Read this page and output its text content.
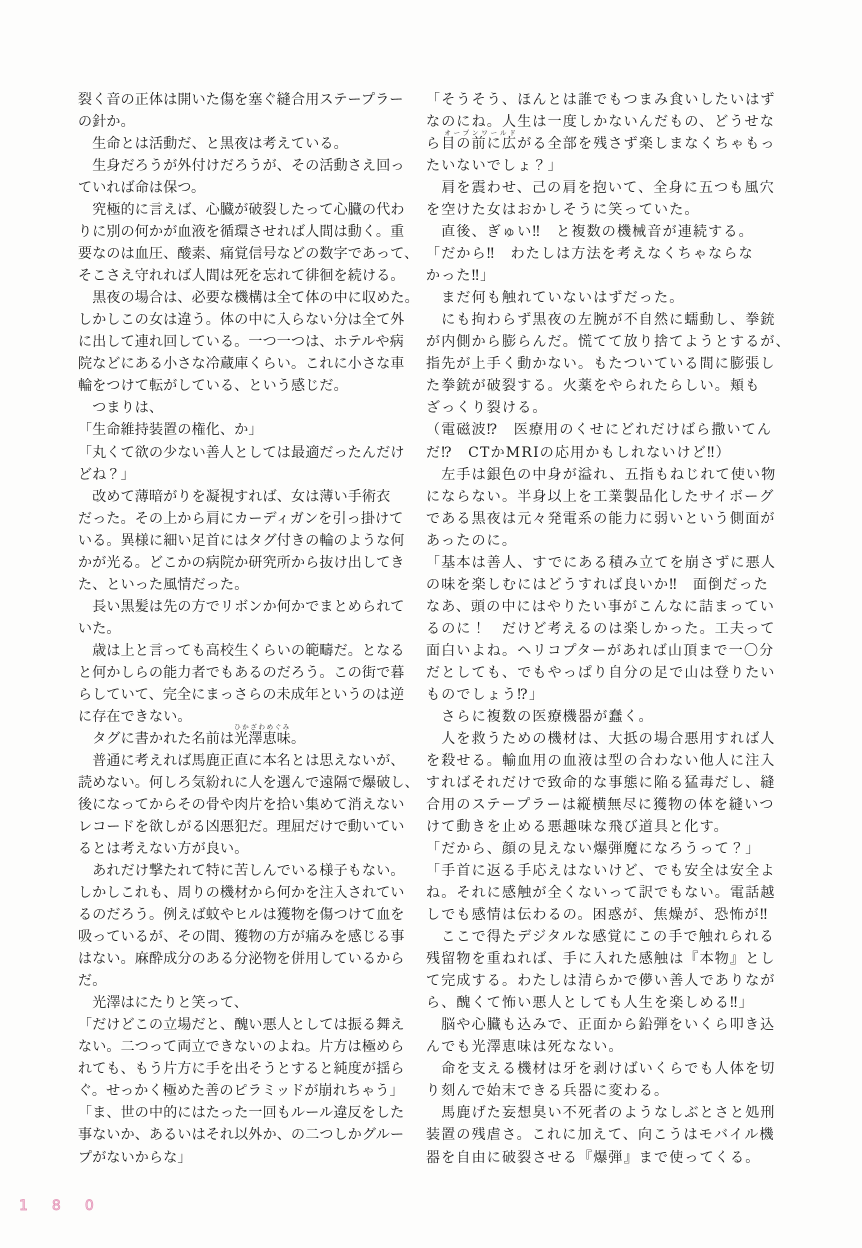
裂く音の正体は開いた傷を塞ぐ縫合用ステープラー
の針か。
　生命とは活動だ、と黒夜は考えている。
　生身だろうが外付けだろうが、その活動さえ回っ
ていれば命は保つ。
　究極的に言えば、心臓が破裂したって心臓の代わ
りに別の何かが血液を循環させれば人間は動く。重
要なのは血圧、酸素、痛覚信号などの数字であって、
そこさえ守れれば人間は死を忘れて徘徊を続ける。
　黒夜の場合は、必要な機構は全て体の中に収めた。
しかしこの女は違う。体の中に入らない分は全て外
に出して連れ回している。一つ一つは、ホテルや病
院などにある小さな冷蔵庫くらい。これに小さな車
輪をつけて転がしている、という感じだ。
　つまりは、
「生命維持装置の権化、か」
「丸くて欲の少ない善人としては最適だったんだけ
どね？」
　改めて薄暗がりを凝視すれば、女は薄い手術衣
だった。その上から肩にカーディガンを引っ掛けて
いる。異様に細い足首にはタグ付きの輪のような何
かが光る。どこかの病院か研究所から抜け出してき
た、といった風情だった。
　長い黒髪は先の方でリボンか何かでまとめられて
いた。
　歳は上と言っても高校生くらいの範疇だ。となる
と何かしらの能力者でもあるのだろう。この街で暮
らしていて、完全にまっさらの未成年というのは逆
に存在できない。
　タグに書かれた名前は光澤恵味
ひかざわめぐみ
。
　普通に考えれば馬鹿正直に本名とは思えないが、
読めない。何しろ気紛れに人を選んで遠隔で爆破し、
後になってからその骨や肉片を拾い集めて消えない
レコードを欲しがる凶悪犯だ。理屈だけで動いてい
るとは考えない方が良い。
　あれだけ撃たれて特に苦しんでいる様子もない。
しかしこれも、周りの機材から何かを注入されてい
るのだろう。例えば蚊やヒルは獲物を傷つけて血を
吸っているが、その間、獲物の方が痛みを感じる事
はない。麻酔成分のある分泌物を併用しているから
だ。
　光澤はにたりと笑って、
「だけどこの立場だと、醜い悪人としては振る舞え
ない。二つって両立できないのよね。片方は極めら
れても、もう片方に手を出そうとすると純度が揺ら
ぐ。せっかく極めた善のピラミッドが崩れちゃう」
「ま、世の中的にはたった一回もルール違反をした
事ないか、あるいはそれ以外か、の二つしかグルー
プがないからな」
「そうそう、ほんとは誰でもつまみ食いしたいはず
なのにね。人生は一度しかないんだもの、どうせな
ら目の前に広がる全部
オープンワールド
を残さず楽しまなくちゃもっ
たいないでしょ？」
　肩を震わせ、己の肩を抱いて、全身に五つも風穴
を空けた女はおかしそうに笑っていた。
　直後、ぎゅい‼　と複数の機械音が連続する。
「だから‼　わたしは方法を考えなくちゃならな
かった‼」
　まだ何も触れていないはずだった。
　にも拘わらず黒夜の左腕が不自然に蠕動し、拳銃
が内側から膨らんだ。慌てて放り捨てようとするが、
指先が上手く動かない。もたついている間に膨張し
た拳銃が破裂する。火薬をやられたらしい。頬も
ざっくり裂ける。
（電磁波⁉　医療用のくせにどれだけばら撒いてん
だ⁉　CTかMRIの応用かもしれないけど‼）
　左手は銀色の中身が溢れ、五指もねじれて使い物
にならない。半身以上を工業製品化したサイボーグ
である黒夜は元々発電系の能力に弱いという側面が
あったのに。
「基本は善人、すでにある積み立てを崩さずに悪人
の味を楽しむにはどうすれば良いか‼　面倒だった
なあ、頭の中にはやりたい事がこんなに詰まってい
るのに！　だけど考えるのは楽しかった。工夫って
面白いよね。ヘリコプターがあれば山頂まで一〇分
だとしても、でもやっぱり自分の足で山は登りたい
ものでしょう⁉」
　さらに複数の医療機器が蠢く。
　人を救うための機材は、大抵の場合悪用すれば人
を殺せる。輸血用の血液は型の合わない他人に注入
すればそれだけで致命的な事態に陥る猛毒だし、縫
合用のステープラーは縦横無尽に獲物の体を縫いつ
けて動きを止める悪趣味な飛び道具と化す。
「だから、顔の見えない爆弾魔になろうって？」
「手首に返る手応えはないけど、でも安全は安全よ
ね。それに感触が全くないって訳でもない。電話越
しでも感情は伝わるの。困惑が、焦燥が、恐怖が‼
　ここで得たデジタルな感覚にこの手で触れられる
残留物を重ねれば、手に入れた感触は『本物』とし
て完成する。わたしは清らかで儚い善人でありなが
ら、醜くて怖い悪人としても人生を楽しめる‼」
　脳や心臓も込みで、正面から鉛弾をいくら叩き込
んでも光澤恵味は死なない。
　命を支える機材は牙を剥けばいくらでも人体を切
り刻んで始末できる兵器に変わる。
　馬鹿げた妄想臭い不死者のようなしぶとさと処刑
装置の残虐さ。これに加えて、向こうはモバイル機
器を自由に破裂させる『爆弾』まで使ってくる。
180
